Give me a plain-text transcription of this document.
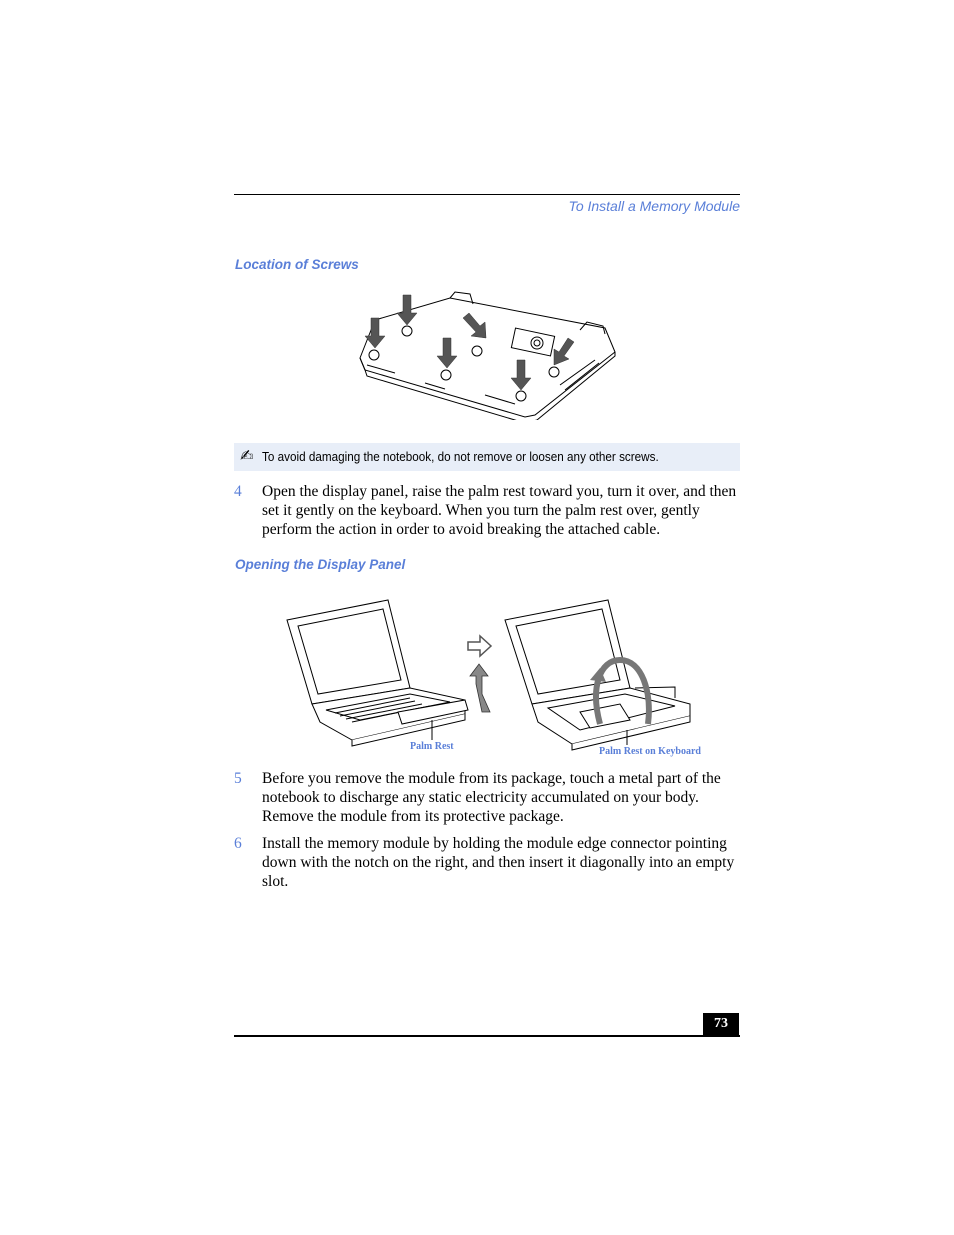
To Install a Memory Module
Location of Screws
✍ To avoid damaging the notebook, do not remove or loosen any other screws.
4 Open the display panel, raise the palm rest toward you, turn it over, and then set it gently on the keyboard. When you turn the palm rest over, gently perform the action in order to avoid breaking the attached cable.
Opening the Display Panel
Palm Rest	Palm Rest on Keyboard
5 Before you remove the module from its package, touch a metal part of the notebook to discharge any static electricity accumulated on your body. Remove the module from its protective package.
6 Install the memory module by holding the module edge connector pointing down with the notch on the right, and then insert it diagonally into an empty slot.
73
